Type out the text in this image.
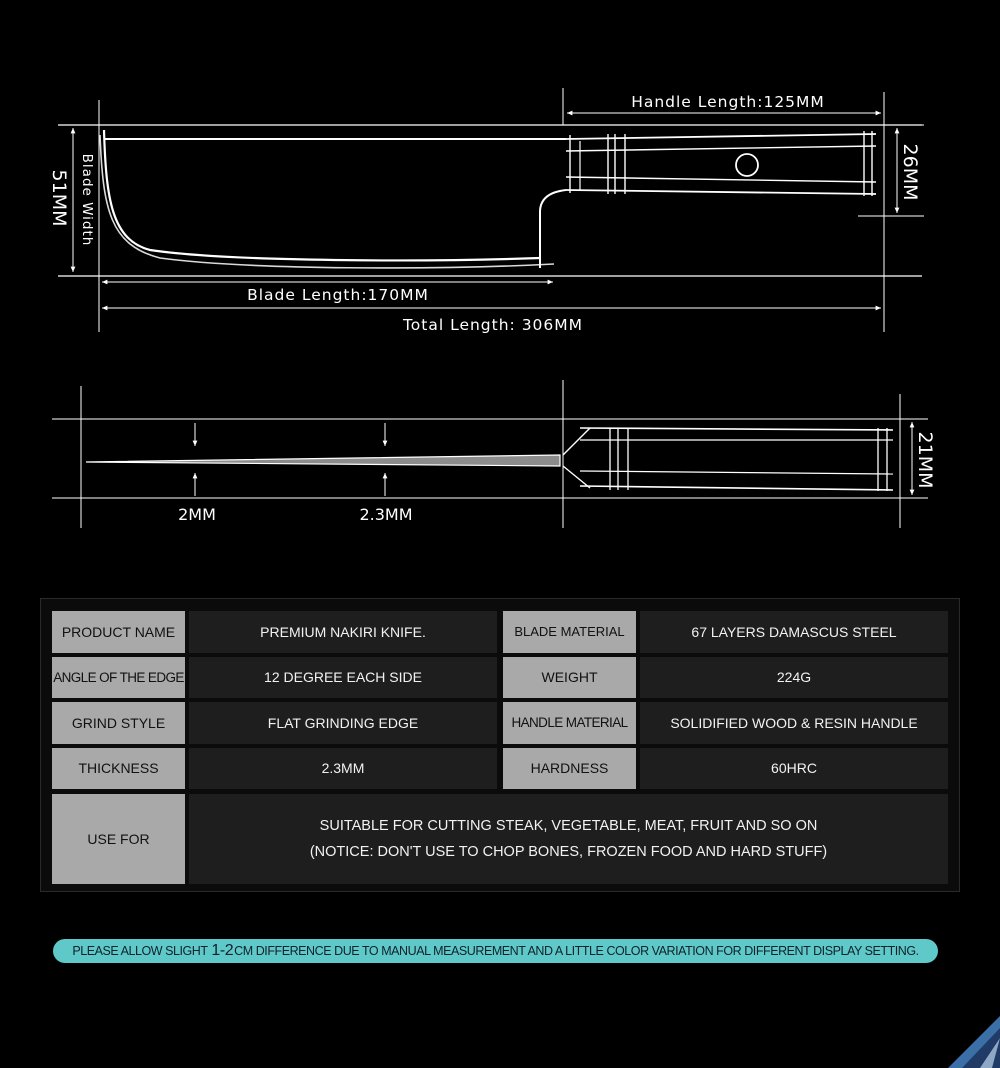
Handle Length:125MM
Blade Length:170MM
Total Length: 306MM
51MM Blade Width	26MM
2MM	2.3MM
21MM
PRODUCT NAME	PREMIUM NAKIRI KNIFE.	BLADE MATERIAL	67 LAYERS DAMASCUS STEEL
ANGLE OF THE EDGE	12 DEGREE EACH SIDE	WEIGHT	224G
GRIND STYLE	FLAT GRINDING EDGE	HANDLE MATERIAL	SOLIDIFIED WOOD & RESIN HANDLE
THICKNESS	2.3MM	HARDNESS	60HRC
USE FOR
SUITABLE FOR CUTTING STEAK, VEGETABLE, MEAT, FRUIT AND SO ON
(NOTICE: DON'T USE TO CHOP BONES, FROZEN FOOD AND HARD STUFF)
PLEASE ALLOW SLIGHT 1-2 CM DIFFERENCE DUE TO MANUAL MEASUREMENT AND A LITTLE COLOR VARIATION FOR DIFFERENT DISPLAY SETTING.
